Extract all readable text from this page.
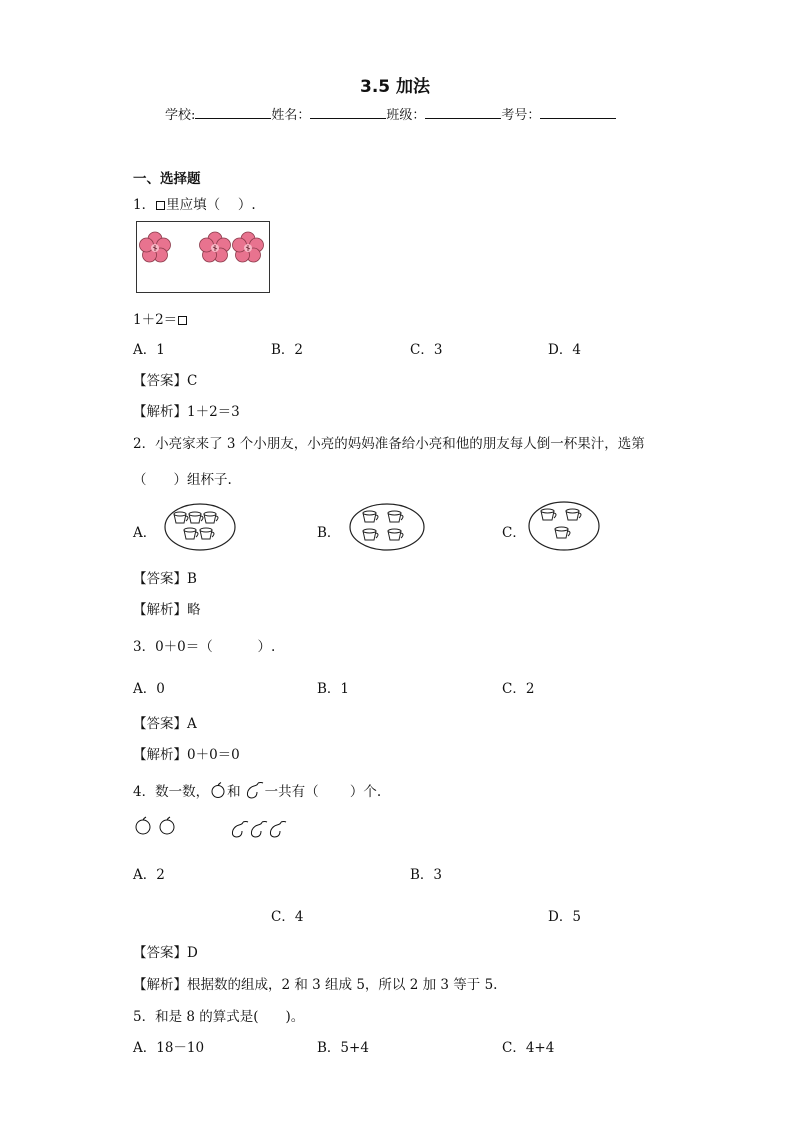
3.5 加法
学校:	姓名：	班级：	考号：
一、选择题
1． 里应填（　 ）.
1＋2＝
A．1	B．2	C．3	D．4
【答案】C
【解析】1＋2＝3
2．小亮家来了 3 个小朋友，小亮的妈妈准备给小亮和他的朋友每人倒一杯果汁，选第
（　　）组杯子.
A．	B．	C．
【答案】B
【解析】略
3．0＋0＝（　　　 ）.
A．0	B．1	C．2
【答案】A
【解析】0＋0＝0
4．数一数， 和 一共有（　　 ）个.
A．2	B．3
C．4	D．5
【答案】D
【解析】根据数的组成，2 和 3 组成 5，所以 2 加 3 等于 5.
5．和是 8 的算式是(　　)。
A．18－10	B．5+4	C．4+4
